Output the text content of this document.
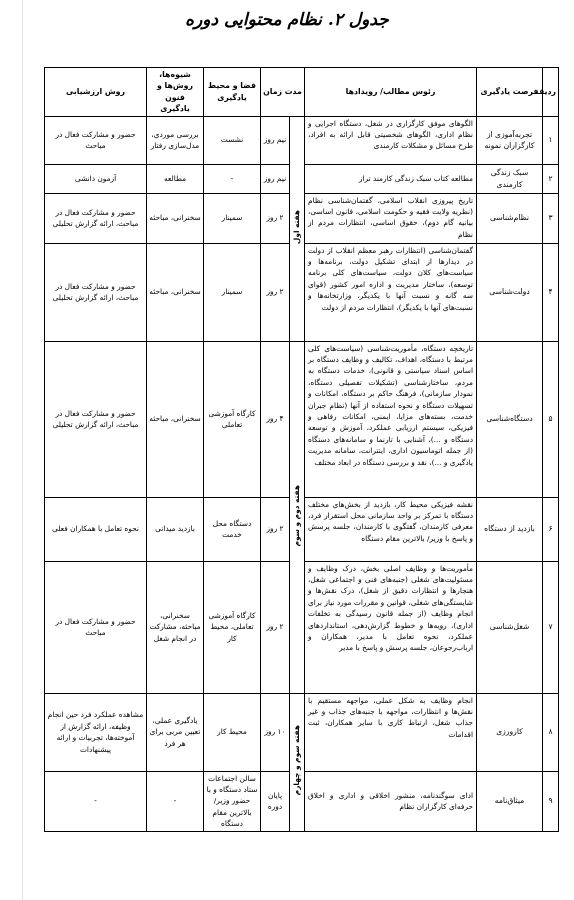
جدول ۲. نظام محتوایی دوره
ردیف	فرصت یادگیری	رئوس مطالب/ رویدادها	مدت زمان		فضا و محیط یادگیری	شیوه‌ها، روش‌ها و فنون یادگیری	روش ارزشیابی
۱	تجربه‌آموزی از کارگزاران نمونه	الگوهای موفق کارگزاری در شغل، دستگاه اجرایی و نظام اداری، الگوهای شخصیتی قابل ارائه به افراد، طرح مسائل و مشکلات کارمندی	هفته اول	نیم روز	نشست	بررسی موردی، مدل‌سازی رفتار	حضور و مشارکت فعال در مباحث
۲	سبک زندگی کارمندی	مطالعه کتاب سبک زندگی کارمند تراز		نیم روز	-	مطالعه	آزمون دانشی
۳	نظام‌شناسی	تاریخ پیروزی انقلاب اسلامی، گفتمان‌شناسی نظام (نظریه ولایت فقیه و حکومت اسلامی، قانون اساسی، بیانیه گام دوم)، حقوق اساسی، انتظارات مردم از نظام		۲ روز	سمینار	سخنرانی، مباحثه	حضور و مشارکت فعال در مباحث، ارائه گزارش تحلیلی
۴	دولت‌شناسی	گفتمان‌شناسی (انتظارات رهبر معظم انقلاب از دولت در دیدارها از ابتدای تشکیل دولت، برنامه‌ها و سیاست‌های کلان دولت، سیاست‌های کلی برنامه توسعه)، ساختار مدیریت و اداره امور کشور (قوای سه گانه و نسبت آنها با یکدیگر، وزارتخانه‌ها و نسبت‌های آنها با یکدیگر)، انتظارات مردم از دولت		۲ روز	سمینار	سخنرانی، مباحثه	حضور و مشارکت فعال در مباحث، ارائه گزارش تحلیلی
۵	دستگاه‌شناسی	تاریخچه دستگاه، مأموریت‌شناسی (سیاست‌های کلی مرتبط با دستگاه، اهداف، تکالیف و وظایف دستگاه بر اساس اسناد سیاستی و قانونی)، خدمات دستگاه به مردم، ساختارشناسی (تشکیلات تفصیلی دستگاه، نمودار سازمانی)، فرهنگ حاکم بر دستگاه، امکانات و تسهیلات دستگاه و نحوه استفاده از آنها (نظام جبران خدمت، بسته‌های مزایا، ایمنی، امکانات رفاهی و فیزیکی، سیستم ارزیابی عملکرد، آموزش و توسعه دستگاه و ...)، آشنایی با تارنما و سامانه‌های دستگاه (از جمله اتوماسیون اداری، اینترانت، سامانه مدیریت یادگیری و ...)، نقد و بررسی دستگاه در ابعاد مختلف	هفته دوم و سوم	۴ روز	کارگاه آموزشی تعاملی	سخنرانی، مباحثه	حضور و مشارکت فعال در مباحث، ارائه گزارش تحلیلی
۶	بازدید از دستگاه	نقشه فیزیکی محیط کار، بازدید از بخش‌های مختلف دستگاه با تمرکز بر واحد سازمانی محل استقرار فرد، معرفی کارمندان، گفتگوی با کارمندان، جلسه پرسش و پاسخ با وزیر/ بالاترین مقام دستگاه		۲ روز	دستگاه محل خدمت	بازدید میدانی	نحوه تعامل با همکاران فعلی
۷	شغل‌شناسی	مأموریت‌ها و وظایف اصلی بخش، درک وظایف و مسئولیت‌های شغلی (جنبه‌های فنی و اجتماعی شغل، هنجارها و انتظارات دقیق از شغل)، درک نقش‌ها و شایستگی‌های شغلی، قوانین و مقررات مورد نیاز برای انجام وظایف (از جمله قانون رسیدگی به تخلفات اداری)، رویه‌ها و خطوط گزارش‌دهی، استانداردهای عملکرد، نحوه تعامل با مدیر، همکاران و ارباب‌رجوعان، جلسه پرسش و پاسخ با مدیر		۲ روز	کارگاه آموزشی تعاملی، محیط کار	سخنرانی، مباحثه، مشارکت در انجام شغل	حضور و مشارکت فعال در مباحث
۸	کارورزی	انجام وظایف به شکل عملی، مواجهه مستقیم با نقش‌ها و انتظارات، مواجهه با جنبه‌های جذاب و غیر جذاب شغل، ارتباط کاری با سایر همکاران، ثبت اقدامات	هفته سوم و چهارم	۱۰ روز	محیط کار	یادگیری عملی، تعیین مربی برای هر فرد	مشاهده عملکرد فرد حین انجام وظیفه، ارائه گزارش از آموخته‌ها، تجربیات و ارائه پیشنهادات
۹	میثاق‌نامه	ادای سوگندنامه، منشور اخلاقی و اداری و اخلاق حرفه‌ای کارگزاران نظام		پایان دوره	سالن اجتماعات ستاد دستگاه و با حضور وزیر/ بالاترین مقام دستگاه	-	-
